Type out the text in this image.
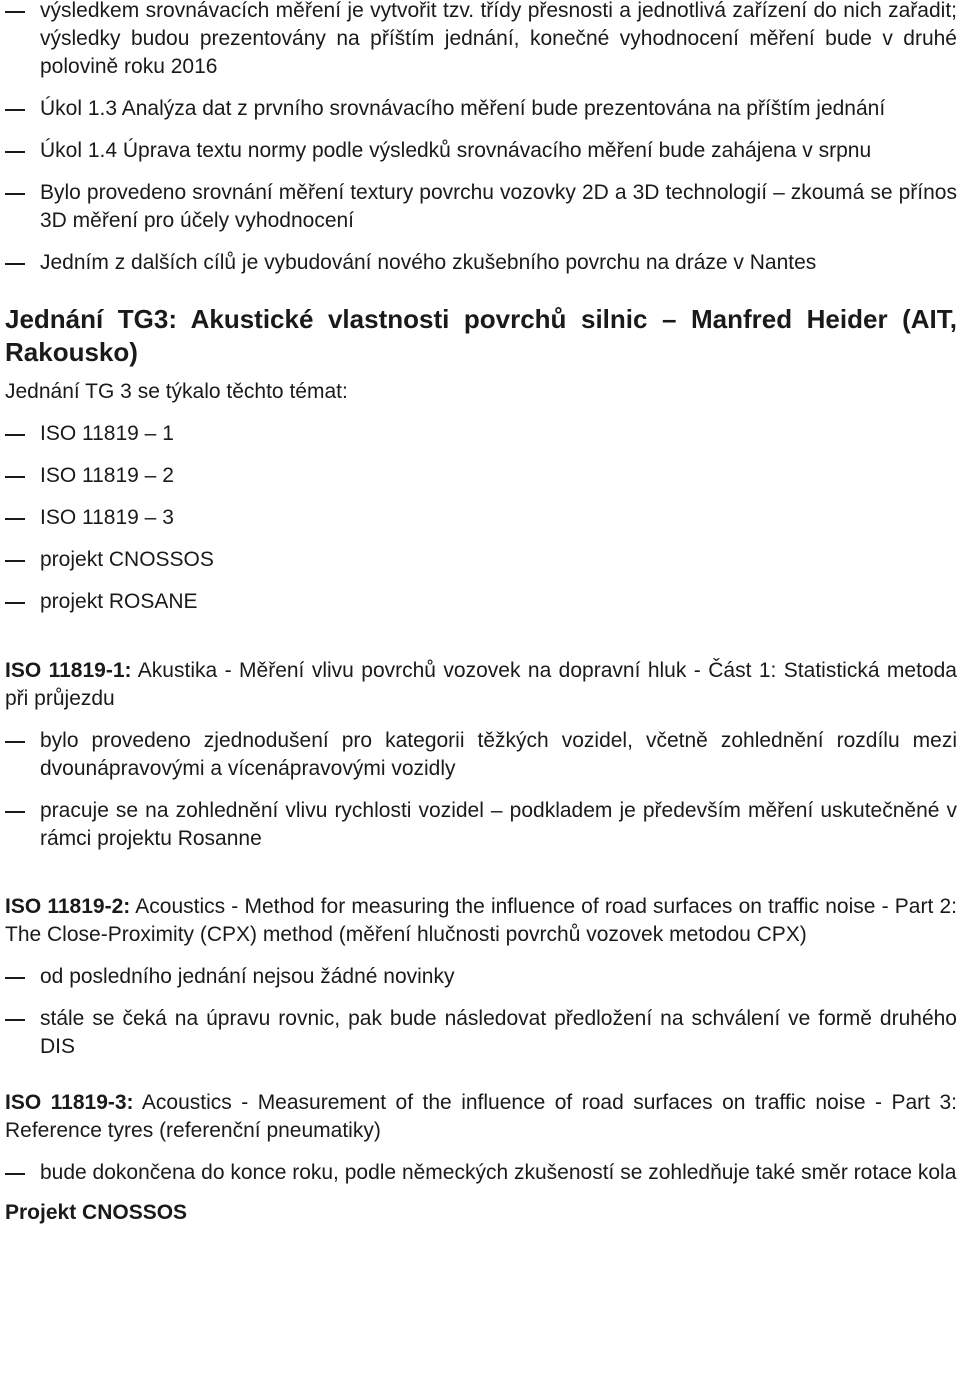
výsledkem srovnávacích měření je vytvořit tzv. třídy přesnosti a jednotlivá zařízení do nich zařadit; výsledky budou prezentovány na příštím jednání, konečné vyhodnocení měření bude v druhé polovině roku 2016
Úkol 1.3 Analýza dat z prvního srovnávacího měření bude prezentována na příštím jednání
Úkol 1.4 Úprava textu normy podle výsledků srovnávacího měření bude zahájena v srpnu
Bylo provedeno srovnání měření textury povrchu vozovky 2D a 3D technologií – zkoumá se přínos 3D měření pro účely vyhodnocení
Jedním z dalších cílů je vybudování nového zkušebního povrchu na dráze v Nantes
Jednání TG3: Akustické vlastnosti povrchů silnic – Manfred Heider (AIT, Rakousko)
Jednání TG 3 se týkalo těchto témat:
ISO 11819 – 1
ISO 11819 – 2
ISO 11819 – 3
projekt CNOSSOS
projekt ROSANE
ISO 11819-1: Akustika - Měření vlivu povrchů vozovek na dopravní hluk - Část 1: Statistická metoda při průjezdu
bylo provedeno zjednodušení pro kategorii těžkých vozidel, včetně zohlednění rozdílu mezi dvounápravovými a vícenápravovými vozidly
pracuje se na zohlednění vlivu rychlosti vozidel – podkladem je především měření uskutečněné v rámci projektu Rosanne
ISO 11819-2: Acoustics - Method for measuring the influence of road surfaces on traffic noise - Part 2: The Close-Proximity (CPX) method (měření hlučnosti povrchů vozovek metodou CPX)
od posledního jednání nejsou žádné novinky
stále se čeká na úpravu rovnic, pak bude následovat předložení na schválení ve formě druhého DIS
ISO 11819-3: Acoustics - Measurement of the influence of road surfaces on traffic noise - Part 3: Reference tyres (referenční pneumatiky)
bude dokončena do konce roku, podle německých zkušeností se zohledňuje také směr rotace kola
Projekt CNOSSOS
